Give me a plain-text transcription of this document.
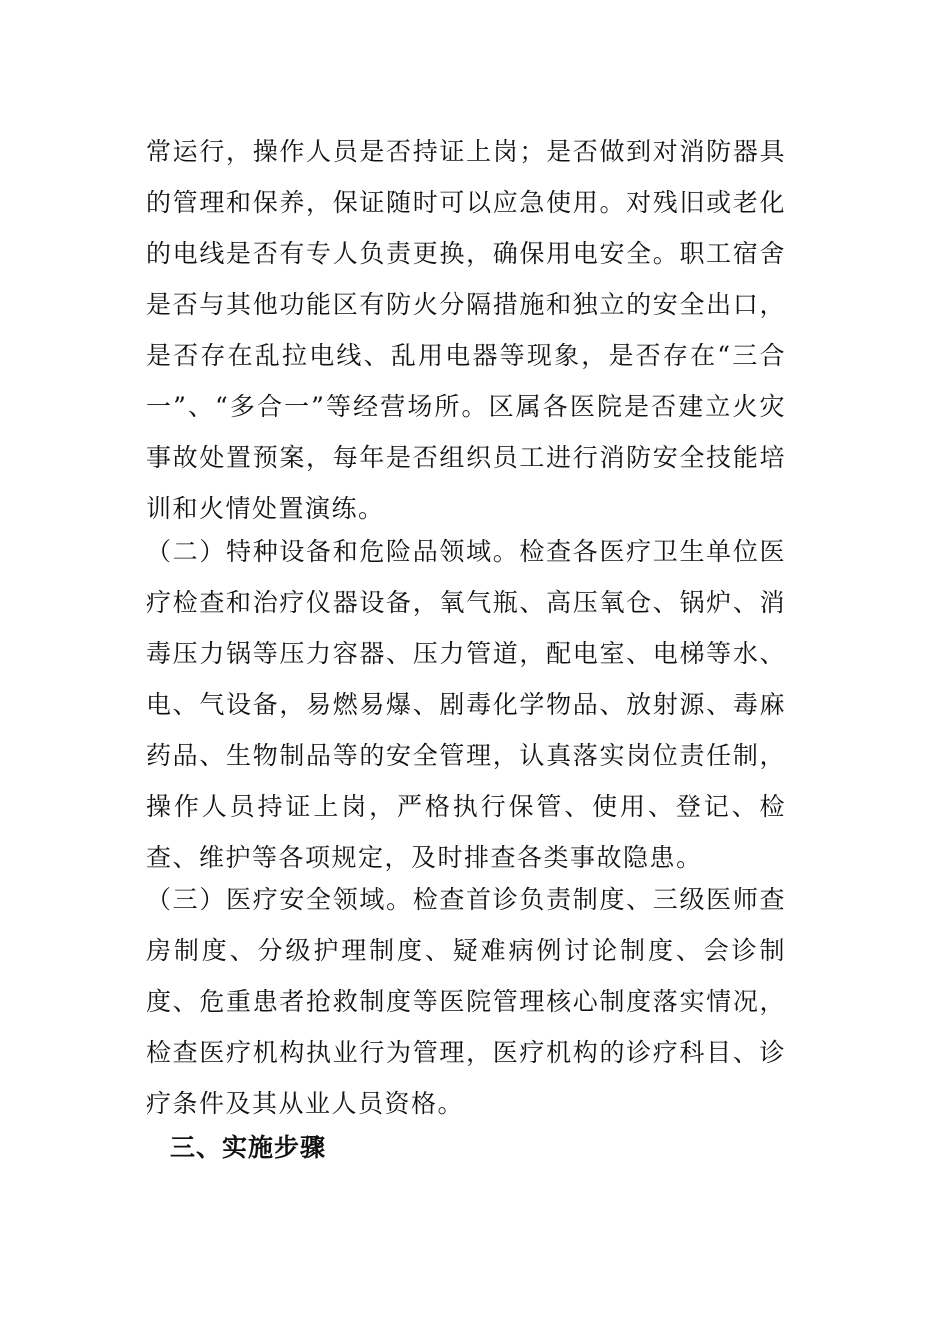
常运行，操作人员是否持证上岗；是否做到对消防器具的管理和保养，保证随时可以应急使用。对残旧或老化的电线是否有专人负责更换，确保用电安全。职工宿舍是否与其他功能区有防火分隔措施和独立的安全出口，是否存在乱拉电线、乱用电器等现象，是否存在“三合一”、“多合一”等经营场所。区属各医院是否建立火灾事故处置预案，每年是否组织员工进行消防安全技能培训和火情处置演练。

（二）特种设备和危险品领域。检查各医疗卫生单位医疗检查和治疗仪器设备，氧气瓶、高压氧仓、锅炉、消毒压力锅等压力容器、压力管道，配电室、电梯等水、电、气设备，易燃易爆、剧毒化学物品、放射源、毒麻药品、生物制品等的安全管理，认真落实岗位责任制，操作人员持证上岗，严格执行保管、使用、登记、检查、维护等各项规定，及时排查各类事故隐患。

（三）医疗安全领域。检查首诊负责制度、三级医师查房制度、分级护理制度、疑难病例讨论制度、会诊制度、危重患者抢救制度等医院管理核心制度落实情况，检查医疗机构执业行为管理，医疗机构的诊疗科目、诊疗条件及其从业人员资格。

三、实施步骤
